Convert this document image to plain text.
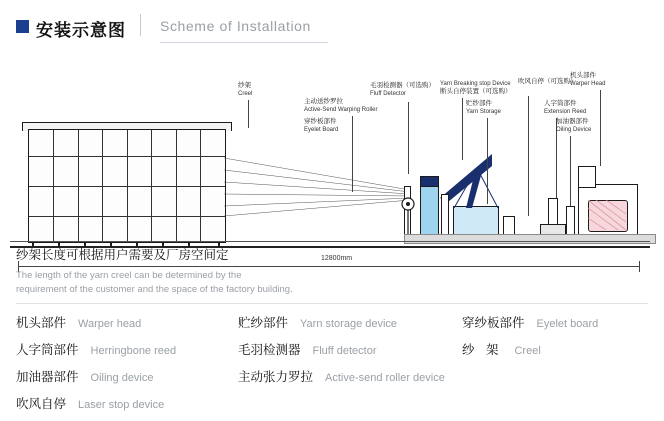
安装示意图 Scheme of Installation
12800mm
纱架
Creel
主动送纱罗拉
Active-Send Warping Roller
穿纱板部件
Eyelet Board
毛羽检测器（可选购）
Fluff Detector
Yarn Breaking stop Device
断头自停装置（可选购）
贮纱部件
Yarn Storage
吹风自停（可选购）
人字筒部件
Extension Reed
加油器部件
Oiling Device
机头部件
Warper Head
纱架长度可根据用户需要及厂房空间定
The length of the yarn creel can be determined by the
requirement of the customer and the space of the factory building.
机头部件 Warper head	贮纱部件 Yarn storage device	穿纱板部件 Eyelet board
人字筒部件 Herringbone reed	毛羽检测器 Fluff detector	纱 架 Creel
加油器部件 Oiling device	主动张力罗拉 Active-send roller device
吹风自停 Laser stop device
